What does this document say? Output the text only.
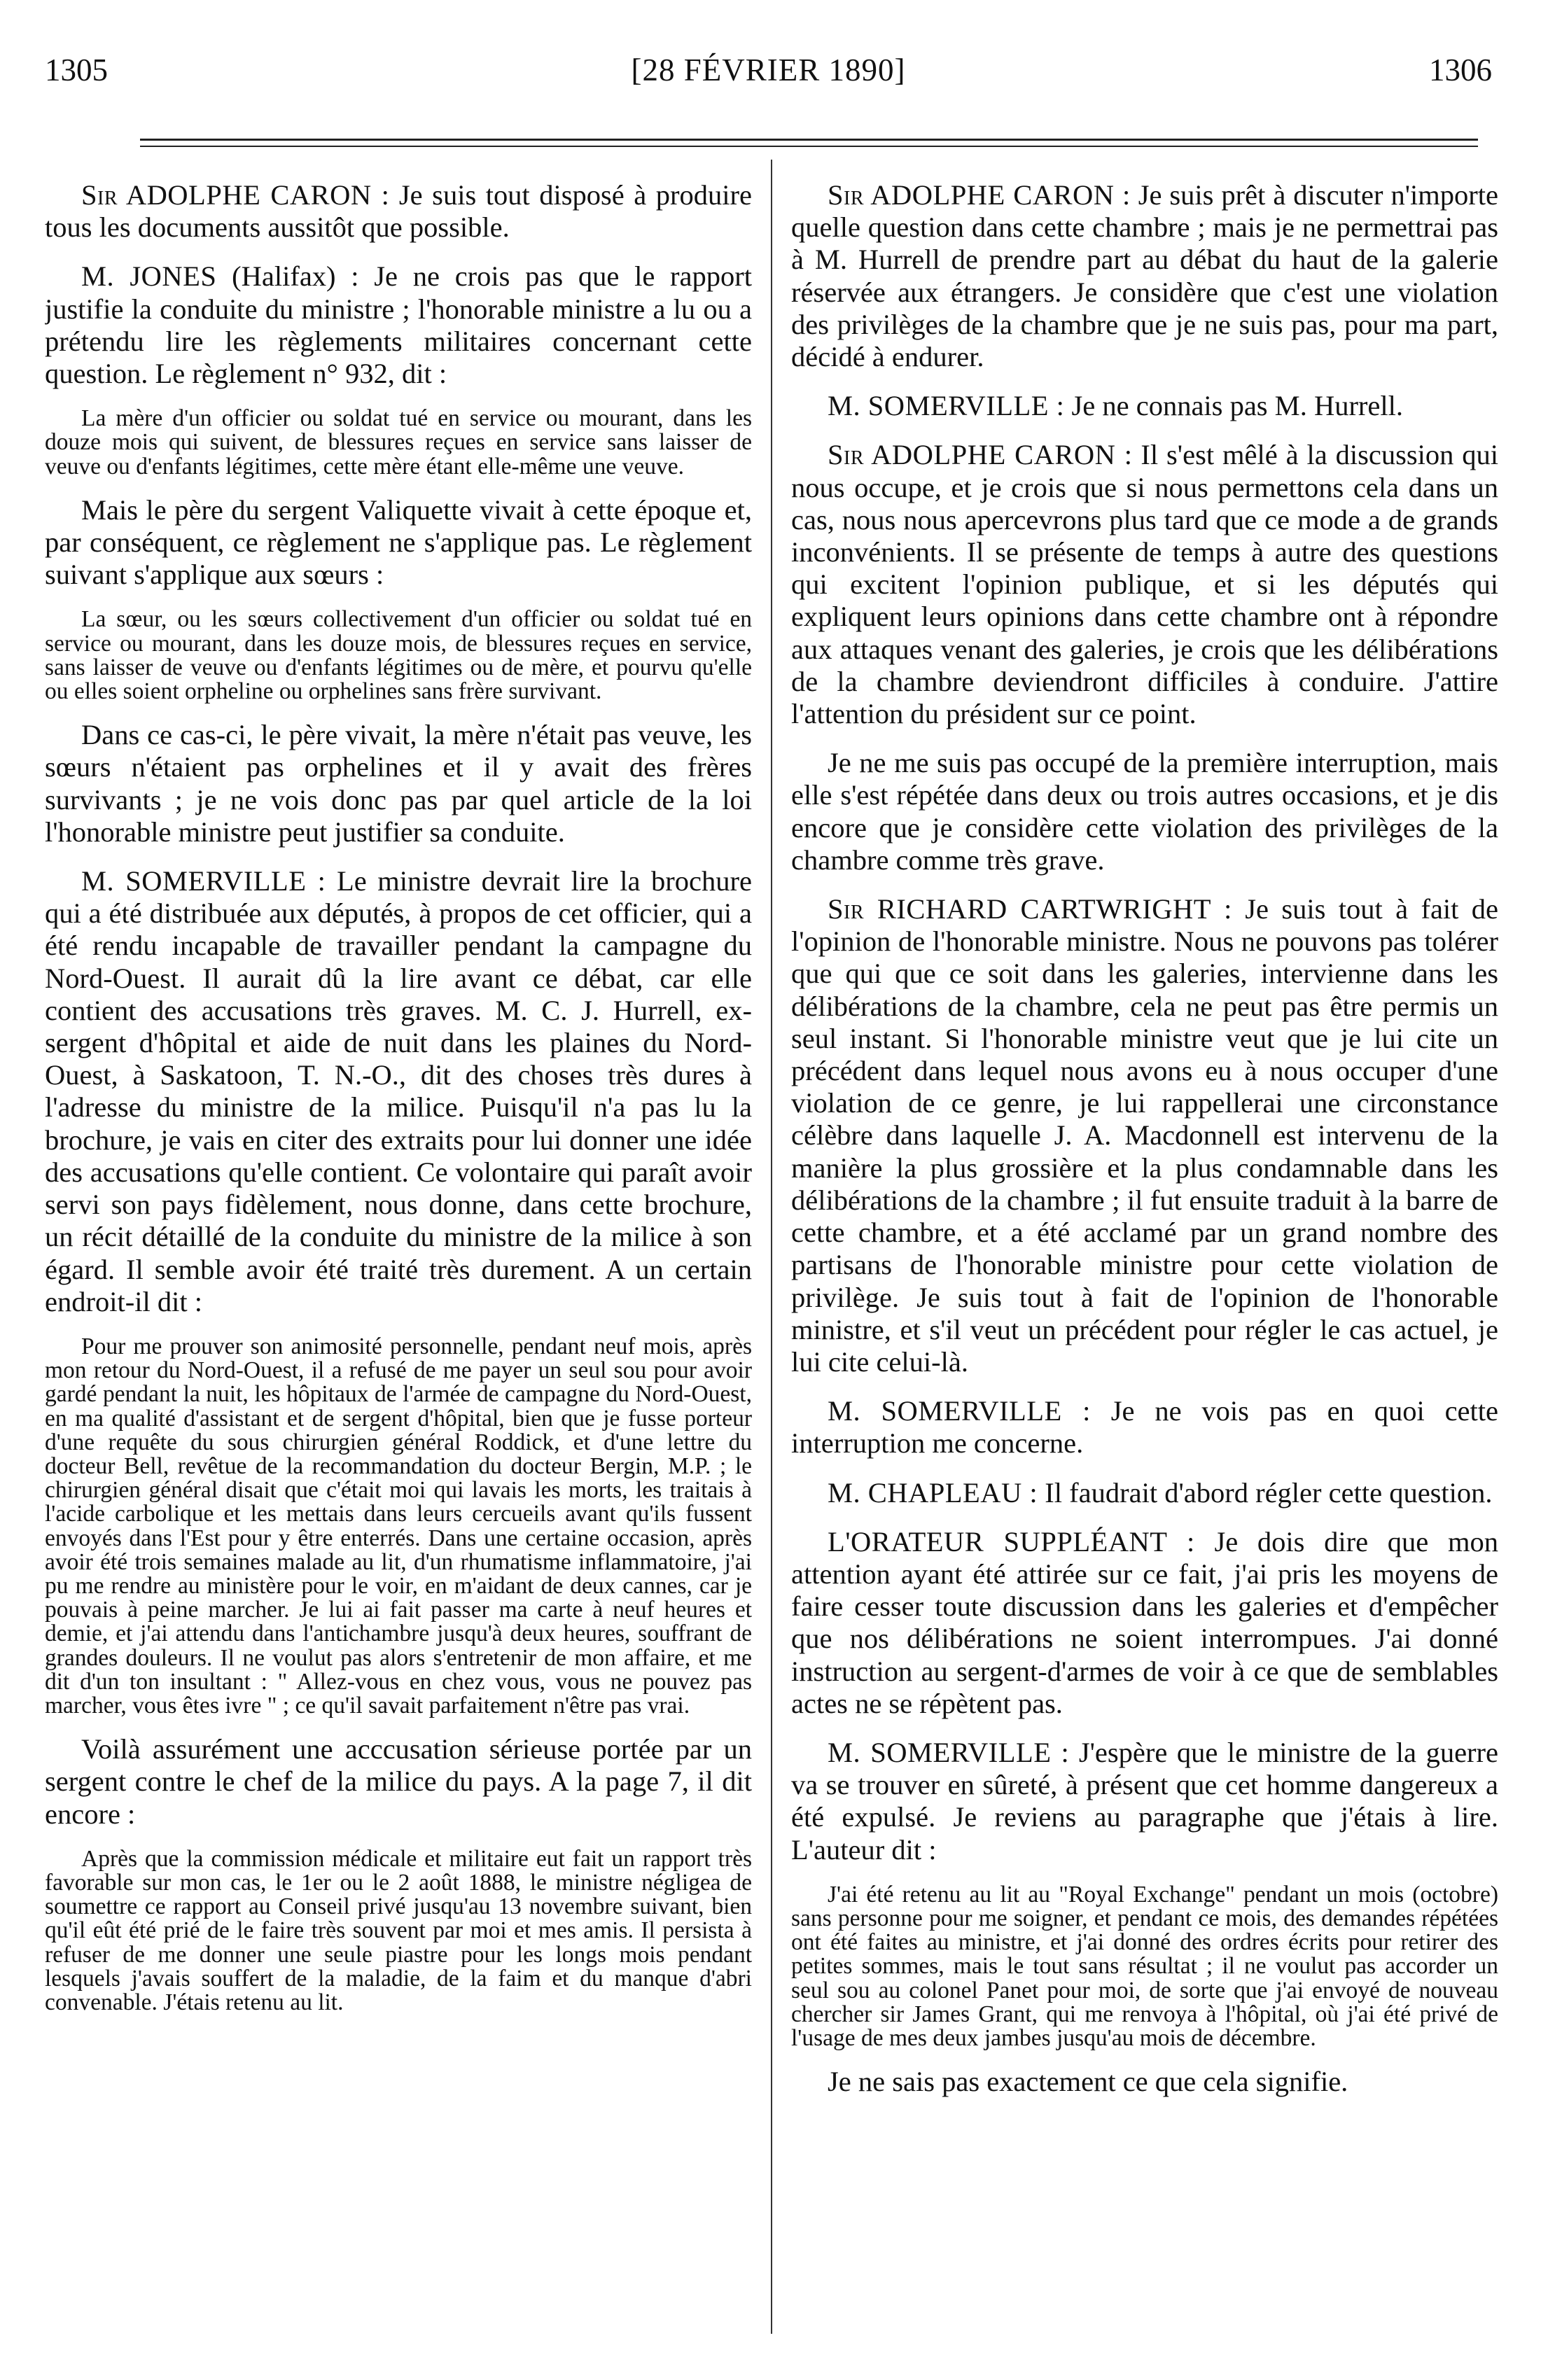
1305	[28 FÉVRIER 1890]	1306

Sir ADOLPHE CARON : Je suis tout disposé à produire tous les documents aussitôt que possible.

M. JONES (Halifax) : Je ne crois pas que le rapport justifie la conduite du ministre ; l'honorable ministre a lu ou a prétendu lire les règlements militaires concernant cette question. Le règlement n° 932, dit :

La mère d'un officier ou soldat tué en service ou mourant, dans les douze mois qui suivent, de blessures reçues en service sans laisser de veuve ou d'enfants légitimes, cette mère étant elle-même une veuve.

Mais le père du sergent Valiquette vivait à cette époque et, par conséquent, ce règlement ne s'applique pas. Le règlement suivant s'applique aux sœurs :

La sœur, ou les sœurs collectivement d'un officier ou soldat tué en service ou mourant, dans les douze mois, de blessures reçues en service, sans laisser de veuve ou d'enfants légitimes ou de mère, et pourvu qu'elle ou elles soient orpheline ou orphelines sans frère survivant.

Dans ce cas-ci, le père vivait, la mère n'était pas veuve, les sœurs n'étaient pas orphelines et il y avait des frères survivants ; je ne vois donc pas par quel article de la loi l'honorable ministre peut justifier sa conduite.

M. SOMERVILLE : Le ministre devrait lire la brochure qui a été distribuée aux députés, à propos de cet officier, qui a été rendu incapable de travailler pendant la campagne du Nord-Ouest. Il aurait dû la lire avant ce débat, car elle contient des accusations très graves. M. C. J. Hurrell, ex-sergent d'hôpital et aide de nuit dans les plaines du Nord-Ouest, à Saskatoon, T. N.-O., dit des choses très dures à l'adresse du ministre de la milice. Puisqu'il n'a pas lu la brochure, je vais en citer des extraits pour lui donner une idée des accusations qu'elle contient. Ce volontaire qui paraît avoir servi son pays fidèlement, nous donne, dans cette brochure, un récit détaillé de la conduite du ministre de la milice à son égard. Il semble avoir été traité très durement. A un certain endroit-il dit :

Pour me prouver son animosité personnelle, pendant neuf mois, après mon retour du Nord-Ouest, il a refusé de me payer un seul sou pour avoir gardé pendant la nuit, les hôpitaux de l'armée de campagne du Nord-Ouest, en ma qualité d'assistant et de sergent d'hôpital, bien que je fusse porteur d'une requête du sous chirurgien général Roddick, et d'une lettre du docteur Bell, revêtue de la recommandation du docteur Bergin, M.P. ; le chirurgien général disait que c'était moi qui lavais les morts, les traitais à l'acide carbolique et les mettais dans leurs cercueils avant qu'ils fussent envoyés dans l'Est pour y être enterrés. Dans une certaine occasion, après avoir été trois semaines malade au lit, d'un rhumatisme inflammatoire, j'ai pu me rendre au ministère pour le voir, en m'aidant de deux cannes, car je pouvais à peine marcher. Je lui ai fait passer ma carte à neuf heures et demie, et j'ai attendu dans l'antichambre jusqu'à deux heures, souffrant de grandes douleurs. Il ne voulut pas alors s'entretenir de mon affaire, et me dit d'un ton insultant : " Allez-vous en chez vous, vous ne pouvez pas marcher, vous êtes ivre " ; ce qu'il savait parfaitement n'être pas vrai.

Voilà assurément une acccusation sérieuse portée par un sergent contre le chef de la milice du pays. A la page 7, il dit encore :

Après que la commission médicale et militaire eut fait un rapport très favorable sur mon cas, le 1er ou le 2 août 1888, le ministre négligea de soumettre ce rapport au Conseil privé jusqu'au 13 novembre suivant, bien qu'il eût été prié de le faire très souvent par moi et mes amis. Il persista à refuser de me donner une seule piastre pour les longs mois pendant lesquels j'avais souffert de la maladie, de la faim et du manque d'abri convenable. J'étais retenu au lit.

Sir ADOLPHE CARON : Je suis prêt à discuter n'importe quelle question dans cette chambre ; mais je ne permettrai pas à M. Hurrell de prendre part au débat du haut de la galerie réservée aux étrangers. Je considère que c'est une violation des privilèges de la chambre que je ne suis pas, pour ma part, décidé à endurer.

M. SOMERVILLE : Je ne connais pas M. Hurrell.

Sir ADOLPHE CARON : Il s'est mêlé à la discussion qui nous occupe, et je crois que si nous permettons cela dans un cas, nous nous apercevrons plus tard que ce mode a de grands inconvénients. Il se présente de temps à autre des questions qui excitent l'opinion publique, et si les députés qui expliquent leurs opinions dans cette chambre ont à répondre aux attaques venant des galeries, je crois que les délibérations de la chambre deviendront difficiles à conduire. J'attire l'attention du président sur ce point.

Je ne me suis pas occupé de la première interruption, mais elle s'est répétée dans deux ou trois autres occasions, et je dis encore que je considère cette violation des privilèges de la chambre comme très grave.

Sir RICHARD CARTWRIGHT : Je suis tout à fait de l'opinion de l'honorable ministre. Nous ne pouvons pas tolérer que qui que ce soit dans les galeries, intervienne dans les délibérations de la chambre, cela ne peut pas être permis un seul instant. Si l'honorable ministre veut que je lui cite un précédent dans lequel nous avons eu à nous occuper d'une violation de ce genre, je lui rappellerai une circonstance célèbre dans laquelle J. A. Macdonnell est intervenu de la manière la plus grossière et la plus condamnable dans les délibérations de la chambre ; il fut ensuite traduit à la barre de cette chambre, et a été acclamé par un grand nombre des partisans de l'honorable ministre pour cette violation de privilège. Je suis tout à fait de l'opinion de l'honorable ministre, et s'il veut un précédent pour régler le cas actuel, je lui cite celui-là.

M. SOMERVILLE : Je ne vois pas en quoi cette interruption me concerne.

M. CHAPLEAU : Il faudrait d'abord régler cette question.

L'ORATEUR SUPPLÉANT : Je dois dire que mon attention ayant été attirée sur ce fait, j'ai pris les moyens de faire cesser toute discussion dans les galeries et d'empêcher que nos délibérations ne soient interrompues. J'ai donné instruction au sergent-d'armes de voir à ce que de semblables actes ne se répètent pas.

M. SOMERVILLE : J'espère que le ministre de la guerre va se trouver en sûreté, à présent que cet homme dangereux a été expulsé. Je reviens au paragraphe que j'étais à lire. L'auteur dit :

J'ai été retenu au lit au "Royal Exchange" pendant un mois (octobre) sans personne pour me soigner, et pendant ce mois, des demandes répétées ont été faites au ministre, et j'ai donné des ordres écrits pour retirer des petites sommes, mais le tout sans résultat ; il ne voulut pas accorder un seul sou au colonel Panet pour moi, de sorte que j'ai envoyé de nouveau chercher sir James Grant, qui me renvoya à l'hôpital, où j'ai été privé de l'usage de mes deux jambes jusqu'au mois de décembre.

Je ne sais pas exactement ce que cela signifie.
